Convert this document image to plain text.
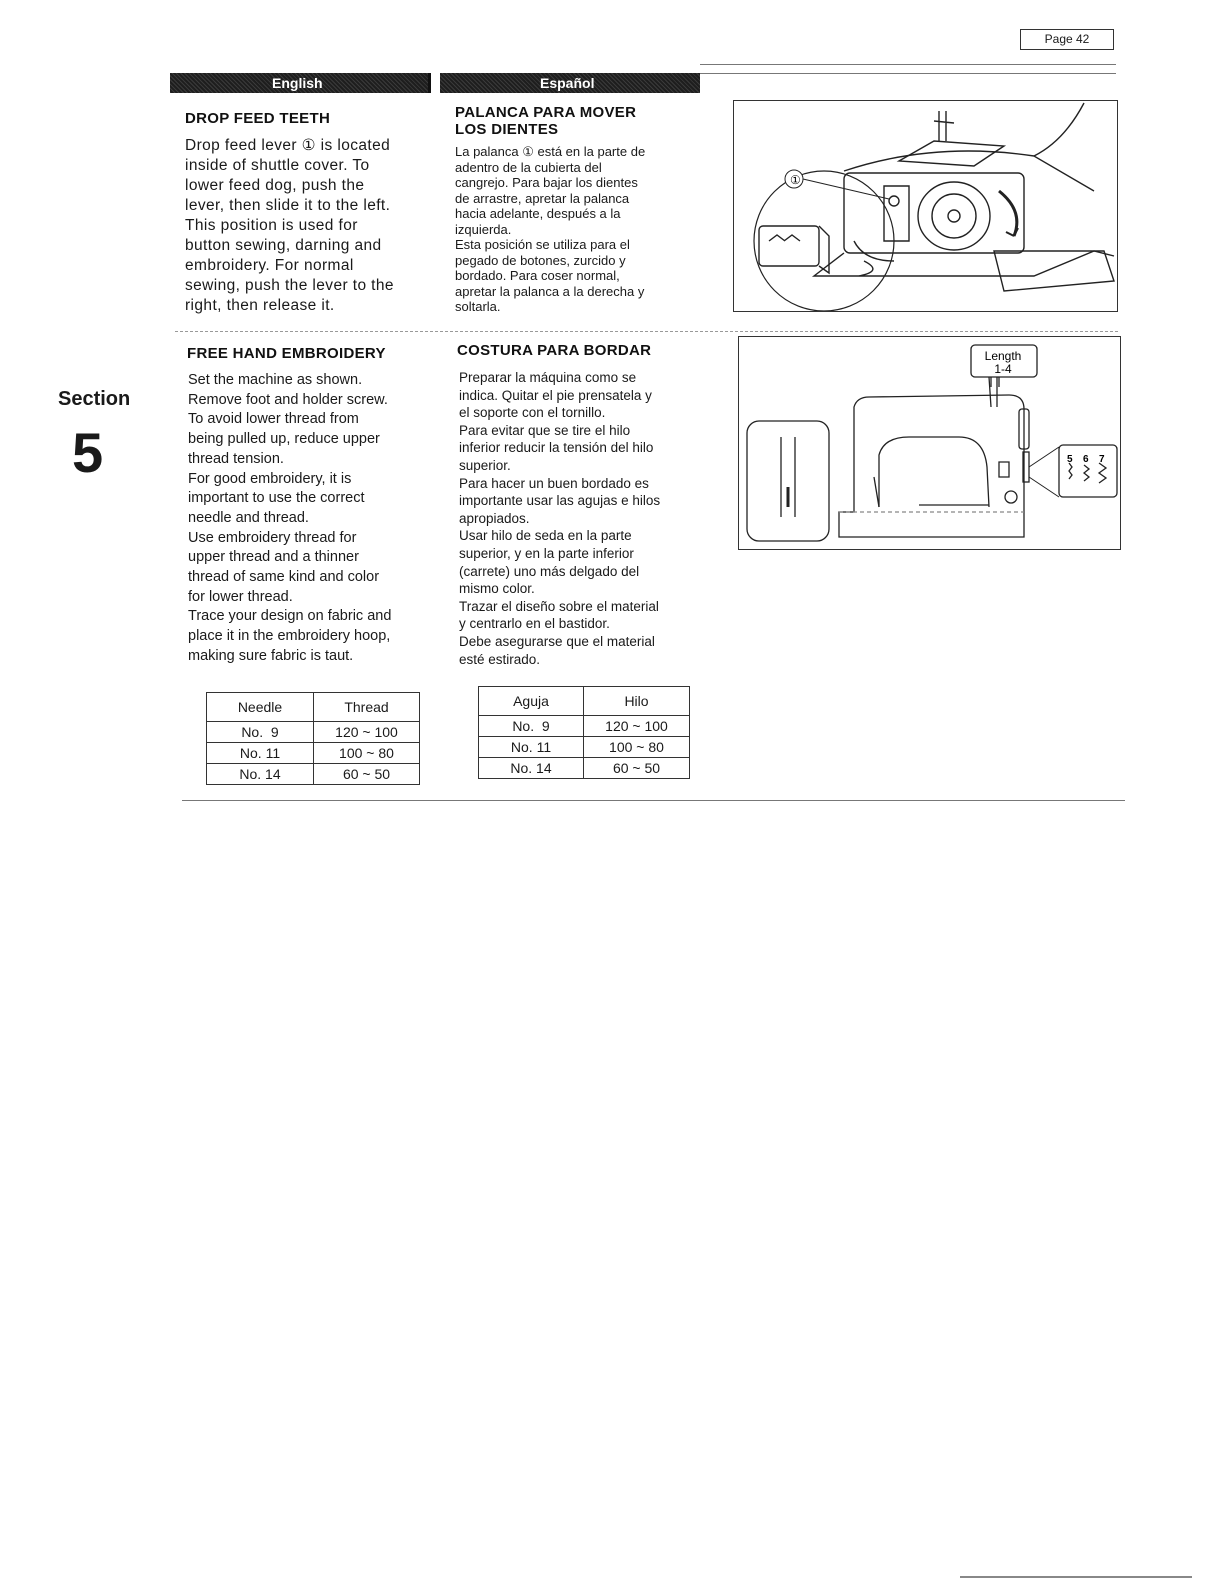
Page 42
English	Español
Section
5
DROP FEED TEETH
Drop feed lever ① is located
inside of shuttle cover. To
lower feed dog, push the
lever, then slide it to the left.
This position is used for
button sewing, darning and
embroidery. For normal
sewing, push the lever to the
right, then release it.
PALANCA PARA MOVER
LOS DIENTES
La palanca ① está en la parte de
adentro de la cubierta del
cangrejo. Para bajar los dientes
de arrastre, apretar la palanca
hacia adelante, después a la
izquierda.
Esta posición se utiliza para el
pegado de botones, zurcido y
bordado. Para coser normal,
apretar la palanca a la derecha y
soltarla.
①
FREE HAND EMBROIDERY
Set the machine as shown.
Remove foot and holder screw.
To avoid lower thread from
being pulled up, reduce upper
thread tension.
For good embroidery, it is
important to use the correct
needle and thread.
Use embroidery thread for
upper thread and a thinner
thread of same kind and color
for lower thread.
Trace your design on fabric and
place it in the embroidery hoop,
making sure fabric is taut.
COSTURA PARA BORDAR
Preparar la máquina como se
indica. Quitar el pie prensatela y
el soporte con el tornillo.
Para evitar que se tire el hilo
inferior reducir la tensión del hilo
superior.
Para hacer un buen bordado es
importante usar las agujas e hilos
apropiados.
Usar hilo de seda en la parte
superior, y en la parte inferior
(carrete) uno más delgado del
mismo color.
Trazar el diseño sobre el material
y centrarlo en el bastidor.
Debe asegurarse que el material
esté estirado.
Length
1-4
5 6 7
Needle	Thread
No.  9	120 ~ 100
No. 11	100 ~ 80
No. 14	60 ~ 50
Aguja	Hilo
No.  9	120 ~ 100
No. 11	100 ~ 80
No. 14	60 ~ 50
